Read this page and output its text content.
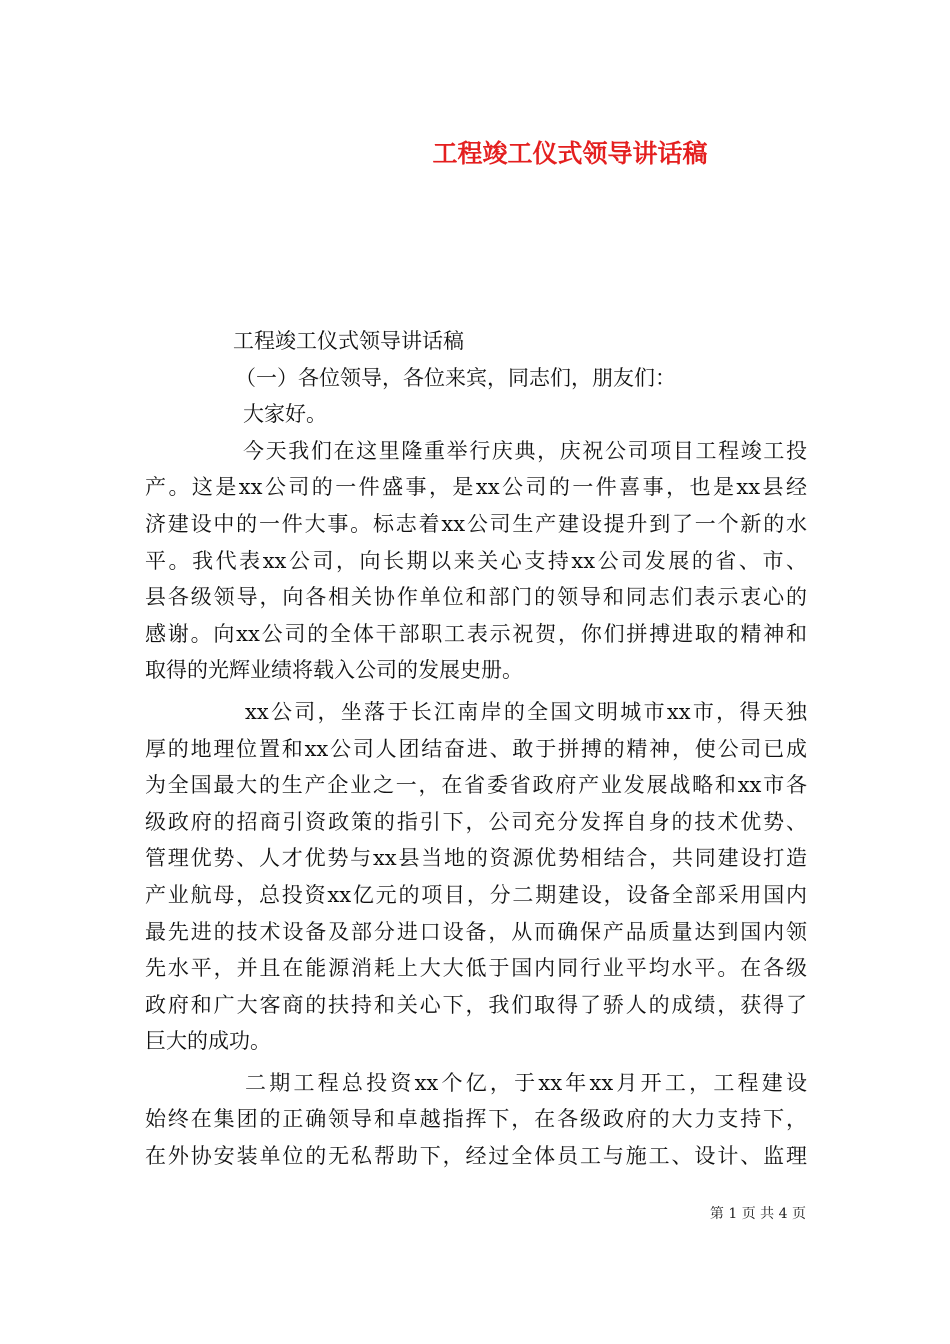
工程竣工仪式领导讲话稿
工程竣工仪式领导讲话稿
（一）各位领导，各位来宾，同志们，朋友们：
大家好。
今天我们在这里隆重举行庆典，庆祝公司项目工程竣工投
产。这是xx公司的一件盛事，是xx公司的一件喜事，也是xx县经
济建设中的一件大事。标志着xx公司生产建设提升到了一个新的水
平。我代表xx公司，向长期以来关心支持xx公司发展的省、市、
县各级领导，向各相关协作单位和部门的领导和同志们表示衷心的
感谢。向xx公司的全体干部职工表示祝贺，你们拼搏进取的精神和
取得的光辉业绩将载入公司的发展史册。
xx公司，坐落于长江南岸的全国文明城市xx市，得天独
厚的地理位置和xx公司人团结奋进、敢于拼搏的精神，使公司已成
为全国最大的生产企业之一，在省委省政府产业发展战略和xx市各
级政府的招商引资政策的指引下，公司充分发挥自身的技术优势、
管理优势、人才优势与xx县当地的资源优势相结合，共同建设打造
产业航母，总投资xx亿元的项目，分二期建设，设备全部采用国内
最先进的技术设备及部分进口设备，从而确保产品质量达到国内领
先水平，并且在能源消耗上大大低于国内同行业平均水平。在各级
政府和广大客商的扶持和关心下，我们取得了骄人的成绩，获得了
巨大的成功。
二期工程总投资xx个亿，于xx年xx月开工，工程建设
始终在集团的正确领导和卓越指挥下，在各级政府的大力支持下，
在外协安装单位的无私帮助下，经过全体员工与施工、设计、监理
第 1 页 共 4 页
